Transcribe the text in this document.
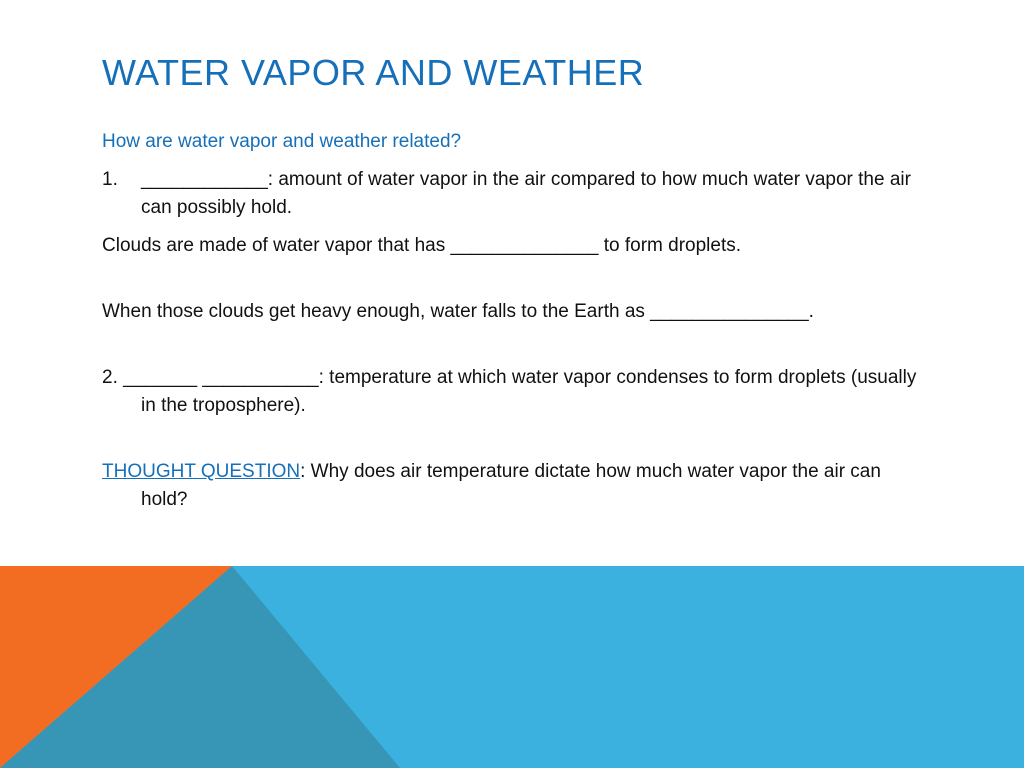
WATER VAPOR AND WEATHER

How are water vapor and weather related?

1.	____________: amount of water vapor in the air compared to how much water vapor the air can possibly hold.

Clouds are made of water vapor that has ______________ to form droplets.

When those clouds get heavy enough, water falls to the Earth as _______________.

2. _______ ___________: temperature at which water vapor condenses to form droplets (usually in the troposphere).

THOUGHT QUESTION: Why does air temperature dictate how much water vapor the air can hold?
